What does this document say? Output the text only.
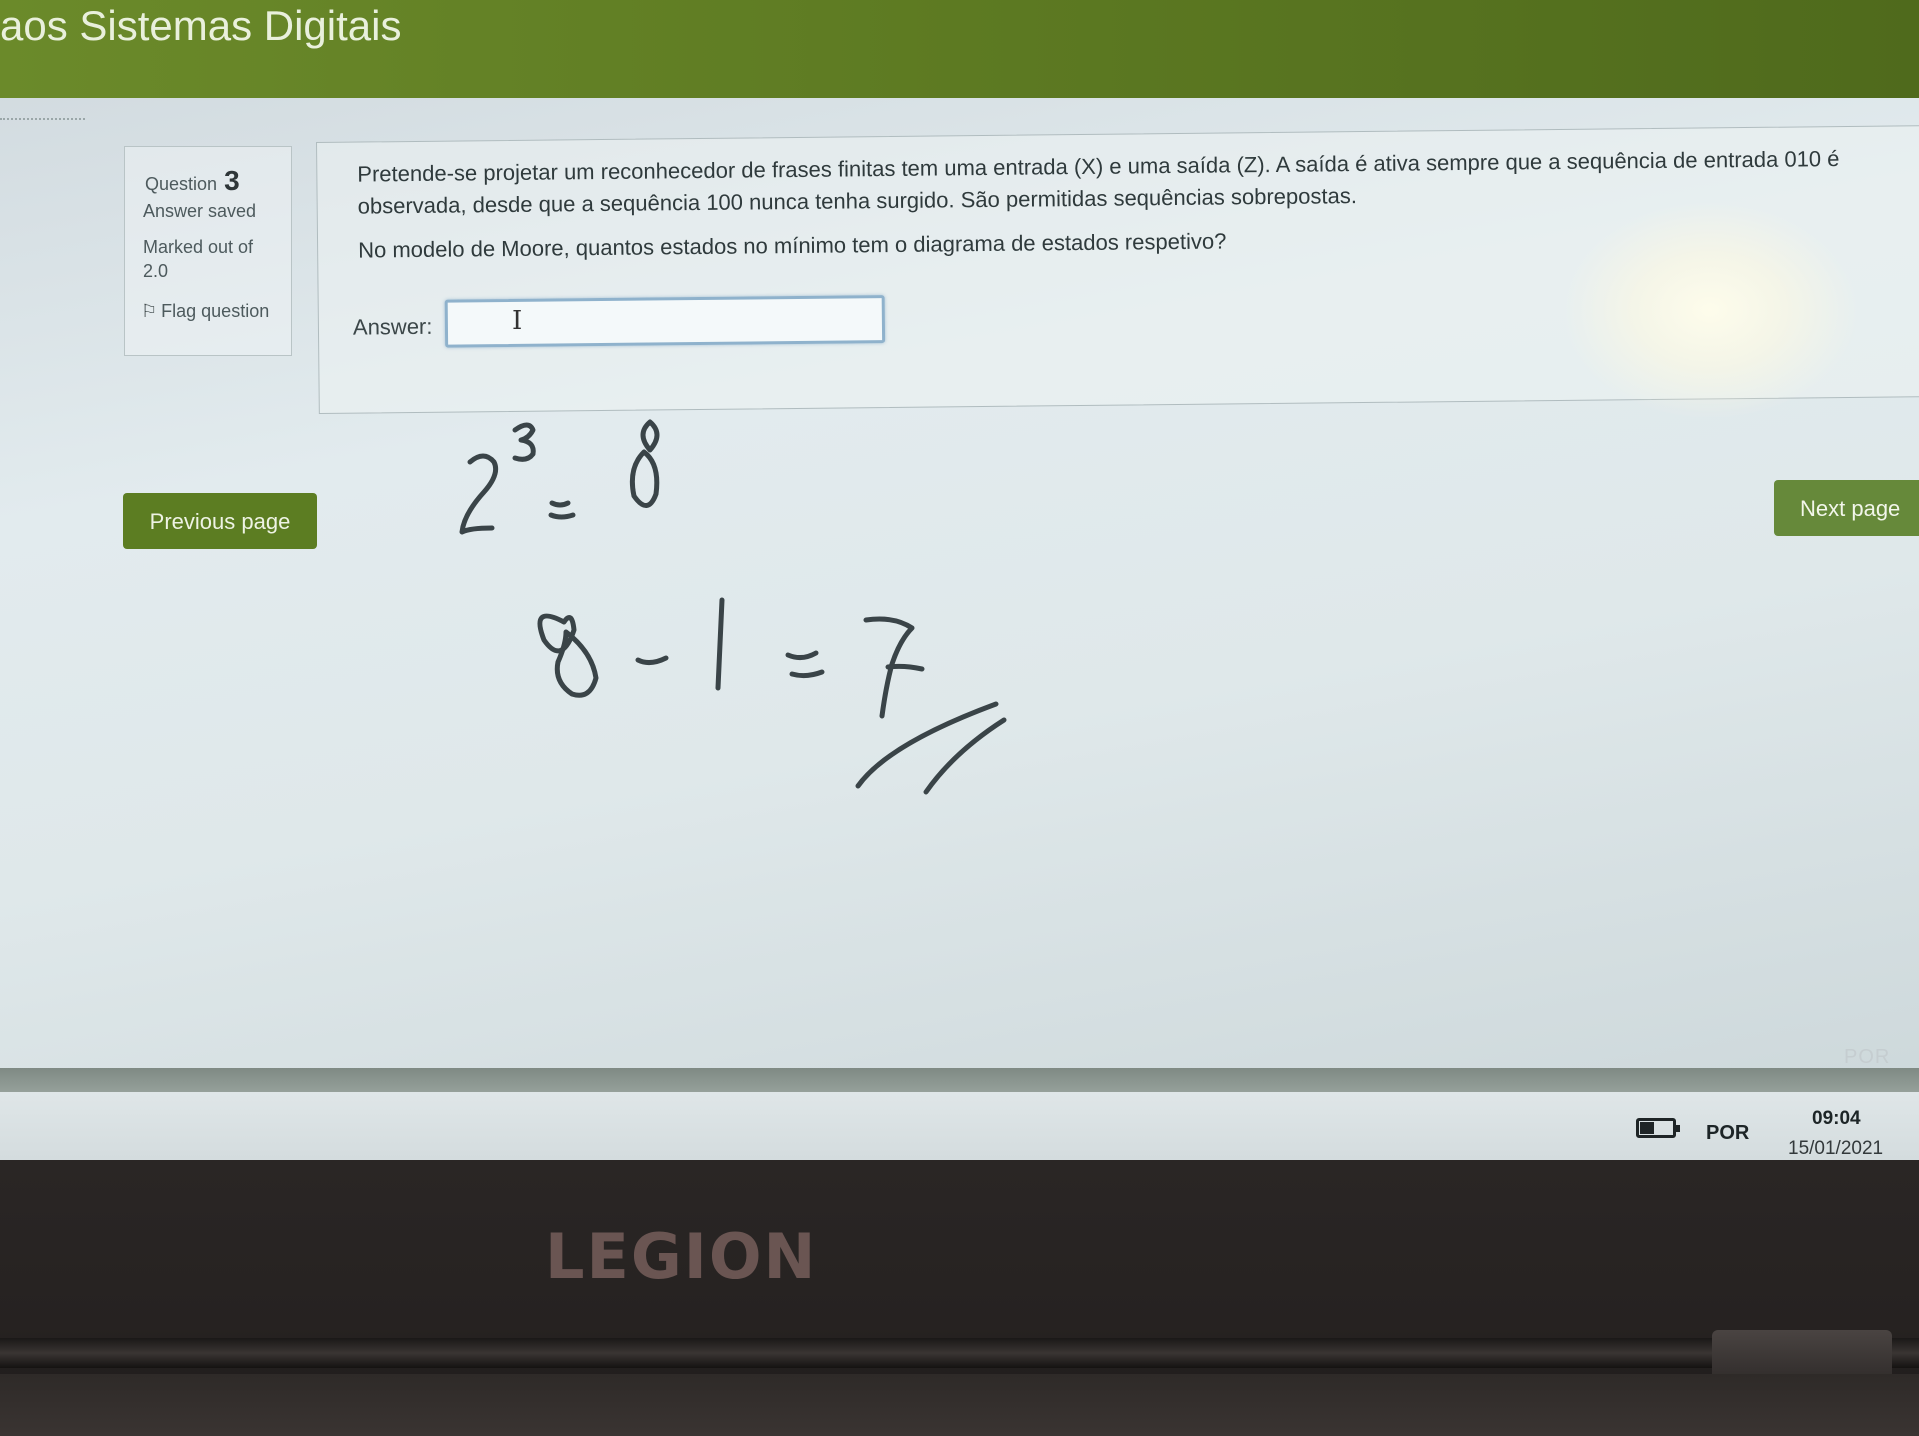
aos Sistemas Digitais
Question 3
Answer saved
Marked out of 2.0
⚐ Flag question

Pretende-se projetar um reconhecedor de frases finitas tem uma entrada (X) e uma saída (Z). A saída é ativa sempre que a sequência de entrada 010 é observada, desde que a sequência 100 nunca tenha surgido. São permitidas sequências sobrepostas.

No modelo de Moore, quantos estados no mínimo tem o diagrama de estados respetivo?

Answer:	I
Previous page
Next page
POR
POR
09:04
15/01/2021
LEGION
